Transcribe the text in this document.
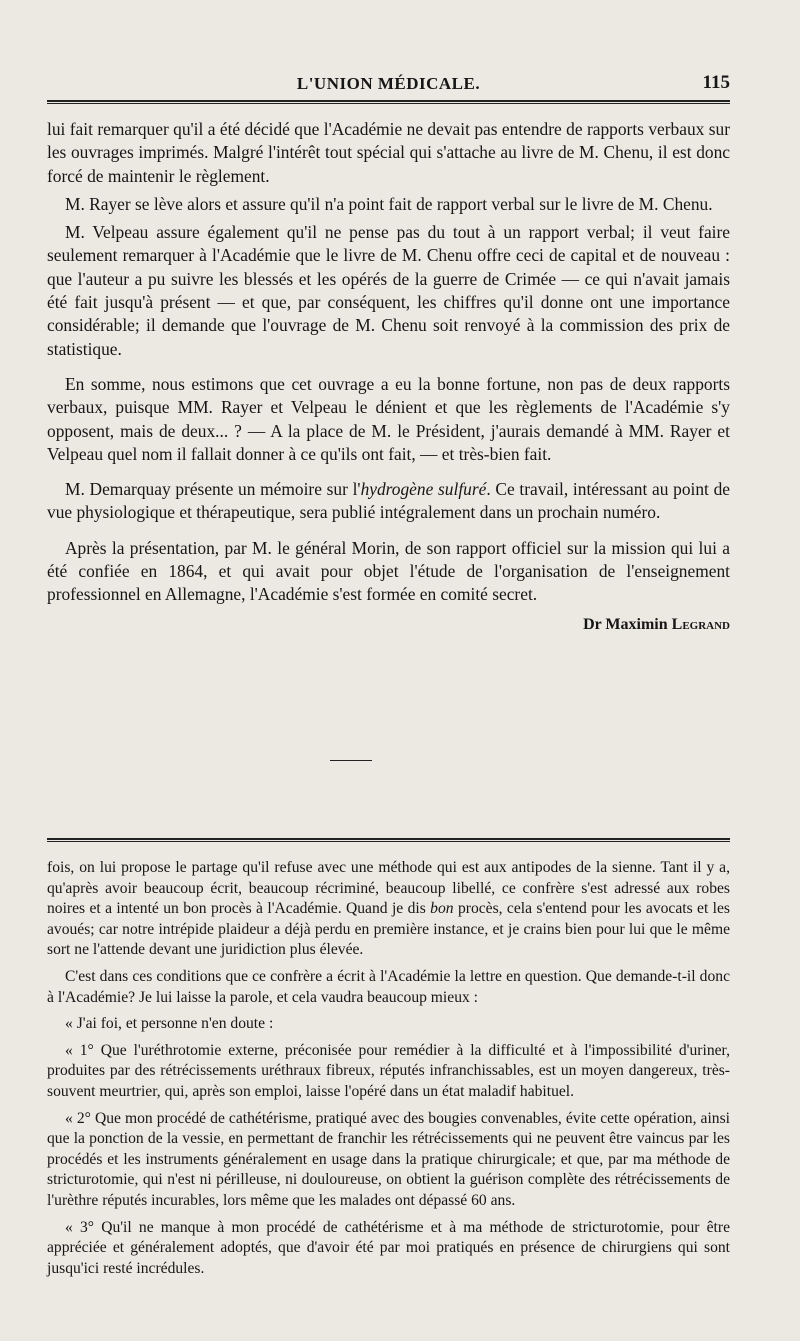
L'UNION MÉDICALE.	115

lui fait remarquer qu'il a été décidé que l'Académie ne devait pas entendre de rapports verbaux sur les ouvrages imprimés. Malgré l'intérêt tout spécial qui s'attache au livre de M. Chenu, il est donc forcé de maintenir le règlement.

M. Rayer se lève alors et assure qu'il n'a point fait de rapport verbal sur le livre de M. Chenu.

M. Velpeau assure également qu'il ne pense pas du tout à un rapport verbal; il veut faire seulement remarquer à l'Académie que le livre de M. Chenu offre ceci de capital et de nouveau : que l'auteur a pu suivre les blessés et les opérés de la guerre de Crimée — ce qui n'avait jamais été fait jusqu'à présent — et que, par conséquent, les chiffres qu'il donne ont une importance considérable; il demande que l'ouvrage de M. Chenu soit renvoyé à la commission des prix de statistique.

En somme, nous estimons que cet ouvrage a eu la bonne fortune, non pas de deux rapports verbaux, puisque MM. Rayer et Velpeau le dénient et que les règlements de l'Académie s'y opposent, mais de deux... ? — A la place de M. le Président, j'aurais demandé à MM. Rayer et Velpeau quel nom il fallait donner à ce qu'ils ont fait, — et très-bien fait.

M. Demarquay présente un mémoire sur l'hydrogène sulfuré. Ce travail, intéressant au point de vue physiologique et thérapeutique, sera publié intégralement dans un prochain numéro.

Après la présentation, par M. le général Morin, de son rapport officiel sur la mission qui lui a été confiée en 1864, et qui avait pour objet l'étude de l'organisation de l'enseignement professionnel en Allemagne, l'Académie s'est formée en comité secret.

Dr Maximin Legrand

fois, on lui propose le partage qu'il refuse avec une méthode qui est aux antipodes de la sienne. Tant il y a, qu'après avoir beaucoup écrit, beaucoup récriminé, beaucoup libellé, ce confrère s'est adressé aux robes noires et a intenté un bon procès à l'Académie. Quand je dis bon procès, cela s'entend pour les avocats et les avoués; car notre intrépide plaideur a déjà perdu en première instance, et je crains bien pour lui que le même sort ne l'attende devant une juridiction plus élevée.

C'est dans ces conditions que ce confrère a écrit à l'Académie la lettre en question. Que demande-t-il donc à l'Académie? Je lui laisse la parole, et cela vaudra beaucoup mieux :

« J'ai foi, et personne n'en doute :

« 1° Que l'uréthrotomie externe, préconisée pour remédier à la difficulté et à l'impossibilité d'uriner, produites par des rétrécissements uréthraux fibreux, réputés infranchissables, est un moyen dangereux, très-souvent meurtrier, qui, après son emploi, laisse l'opéré dans un état maladif habituel.

« 2° Que mon procédé de cathétérisme, pratiqué avec des bougies convenables, évite cette opération, ainsi que la ponction de la vessie, en permettant de franchir les rétrécissements qui ne peuvent être vaincus par les procédés et les instruments généralement en usage dans la pratique chirurgicale; et que, par ma méthode de stricturotomie, qui n'est ni périlleuse, ni douloureuse, on obtient la guérison complète des rétrécissements de l'urèthre réputés incurables, lors même que les malades ont dépassé 60 ans.

« 3° Qu'il ne manque à mon procédé de cathétérisme et à ma méthode de stricturotomie, pour être appréciée et généralement adoptés, que d'avoir été par moi pratiqués en présence de chirurgiens qui sont jusqu'ici resté incrédules.
